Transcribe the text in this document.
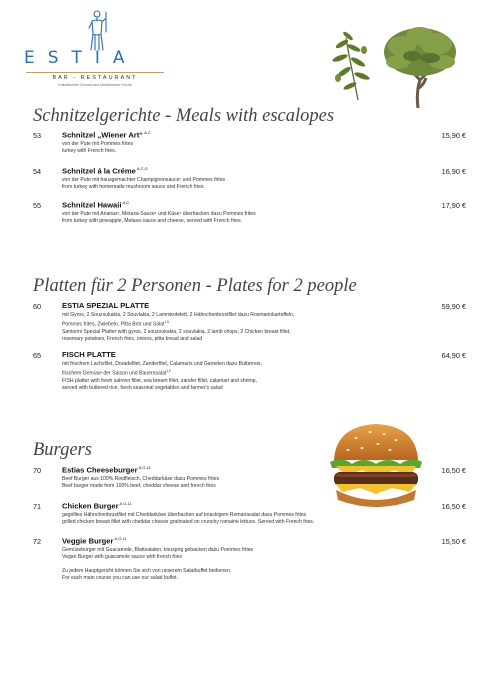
ESTIA
BAR - RESTAURANT
Kulinarischer Genuss aus Mediterraner Küche
Schnitzelgerichte - Meals with escalopes
53	Schnitzel „Wiener Art“$^{A,C}$	15,90 €
von der Pute mit Pommes frites
turkey with French fries.
54	Schnitzel á la Créme$^{A,C,G}$	16,90 €
von der Pute mit hausgemachter Champignonsauce¹ und Pommes frites
from turkey with homemade mushroom sauce and French fries.
55	Schnitzel Hawaii$^{A,C}$	17,90 €
von der Pute mit Ananas¹, Metaxa-Sauce¹ und Käse¹ überbacken dazu Pommes frites
from turkey with pineapple, Metaxa sauce and cheese, served with French fries.
Platten für 2 Personen - Plates for 2 people
60	ESTIA SPEZIAL PLATTE	59,90 €
mit Gyros, 2 Souzoukakia, 2 Souvlakia, 2 Lammkotelett, 2 Hähnchenbrustfilet dazu Rosmarinkartoffeln,
Pommes frites, Zwiebeln, Pitta Brot und Salat$^{1,5}$
Santorini Special Platter with gyros, 2 souzoukakia, 2 souvlakia, 2 lamb chops, 2 Chicken breast fillet,
rosemary potatoes, French fries, onions, pitta bread and salad
65	FISCH PLATTE	64,90 €
mit frischem Lachsfilet, Doradefilet, Zanderfilet, Calamaris und Garnelen dazu Butterreis,
frischem Gemüse der Saison und Bauernsalat$^{1,5}$
FISH platter with fresh salmon fillet, sea bream fillet, zander fillet, calamari and shrimp,
served with buttered rice, fresh seasonal vegetables and farmer's salad
Burgers
70	Estias Cheeseburger$^{A,G,11}$	16,50 €
Beef Burger aus 100% Rindfleisch, Cheddarkäse dazu Pommes frites
Beef burger made from 100% beef, cheddar cheese and french fries
71	Chicken Burger$^{A,G,11}$	16,50 €
gegrilltes Hähnchenbrustfilet mit Cheddarkäse überbacken auf knackigem Romanasalat dazu Pommes frites
grilled chicken breast fillet with cheddar cheese gratinated on crunchy romaine lettuce. Served with French fries.
72	Veggie Burger$^{A,G,11}$	15,50 €
Gemüseburger mit Guacamole, Blattsalaten, knusprig gebacken dazu Pommes frites
Vegan Burger with guacamole sauce with french fries
Zu jedem Hauptgericht können Sie sich von unserem Salatbuffet bedienen.
For each main course you can use our salad buffet.
